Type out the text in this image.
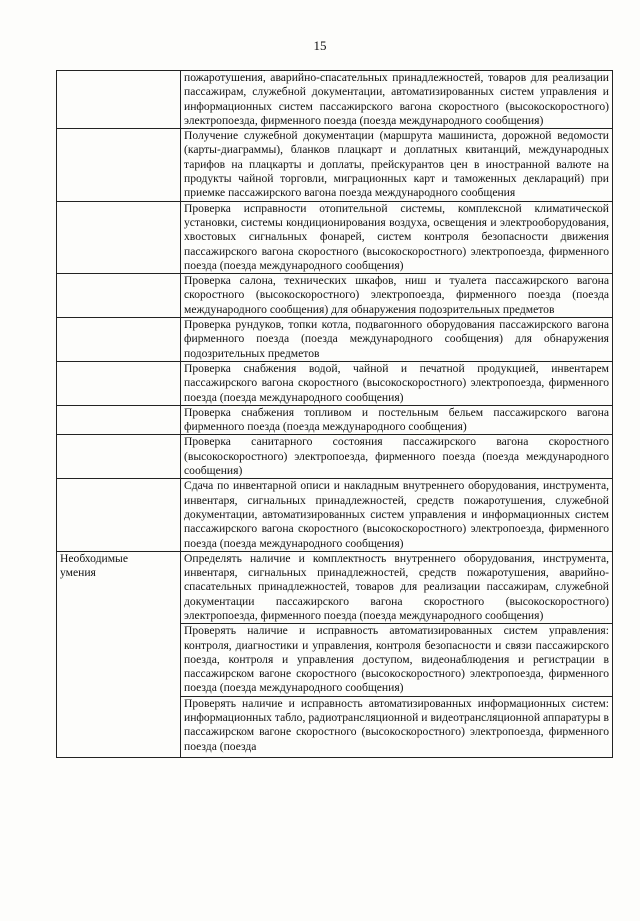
15
	пожаротушения, аварийно-спасательных принадлежностей, товаров для реализации пассажирам, служебной документации, автоматизированных систем управления и информационных систем пассажирского вагона скоростного (высокоскоростного) электропоезда, фирменного поезда (поезда международного сообщения)
	Получение служебной документации (маршрута машиниста, дорожной ведомости (карты-диаграммы), бланков плацкарт и доплатных квитанций, международных тарифов на плацкарты и доплаты, прейскурантов цен в иностранной валюте на продукты чайной торговли, миграционных карт и таможенных деклараций) при приемке пассажирского вагона поезда международного сообщения
	Проверка исправности отопительной системы, комплексной климатической установки, системы кондиционирования воздуха, освещения и электрооборудования, хвостовых сигнальных фонарей, систем контроля безопасности движения пассажирского вагона скоростного (высокоскоростного) электропоезда, фирменного поезда (поезда международного сообщения)
	Проверка салона, технических шкафов, ниш и туалета пассажирского вагона скоростного (высокоскоростного) электропоезда, фирменного поезда (поезда международного сообщения) для обнаружения подозрительных предметов
	Проверка рундуков, топки котла, подвагонного оборудования пассажирского вагона фирменного поезда (поезда международного сообщения) для обнаружения подозрительных предметов
	Проверка снабжения водой, чайной и печатной продукцией, инвентарем пассажирского вагона скоростного (высокоскоростного) электропоезда, фирменного поезда (поезда международного сообщения)
	Проверка снабжения топливом и постельным бельем пассажирского вагона фирменного поезда (поезда международного сообщения)
	Проверка санитарного состояния пассажирского вагона скоростного (высокоскоростного) электропоезда, фирменного поезда (поезда международного сообщения)
	Сдача по инвентарной описи и накладным внутреннего оборудования, инструмента, инвентаря, сигнальных принадлежностей, средств пожаротушения, служебной документации, автоматизированных систем управления и информационных систем пассажирского вагона скоростного (высокоскоростного) электропоезда, фирменного поезда (поезда международного сообщения)

Необходимые
умения	Определять наличие и комплектность внутреннего оборудования, инструмента, инвентаря, сигнальных принадлежностей, средств пожаротушения, аварийно-спасательных принадлежностей, товаров для реализации пассажирам, служебной документации пассажирского вагона скоростного (высокоскоростного) электропоезда, фирменного поезда (поезда международного сообщения)
	Проверять наличие и исправность автоматизированных систем управления: контроля, диагностики и управления, контроля безопасности и связи пассажирского поезда, контроля и управления доступом, видеонаблюдения и регистрации в пассажирском вагоне скоростного (высокоскоростного) электропоезда, фирменного поезда (поезда международного сообщения)

	Проверять наличие и исправность автоматизированных информационных систем: информационных табло, радиотрансляционной и видеотрансляционной аппаратуры в пассажирском вагоне скоростного (высокоскоростного) электропоезда, фирменного поезда (поезда
